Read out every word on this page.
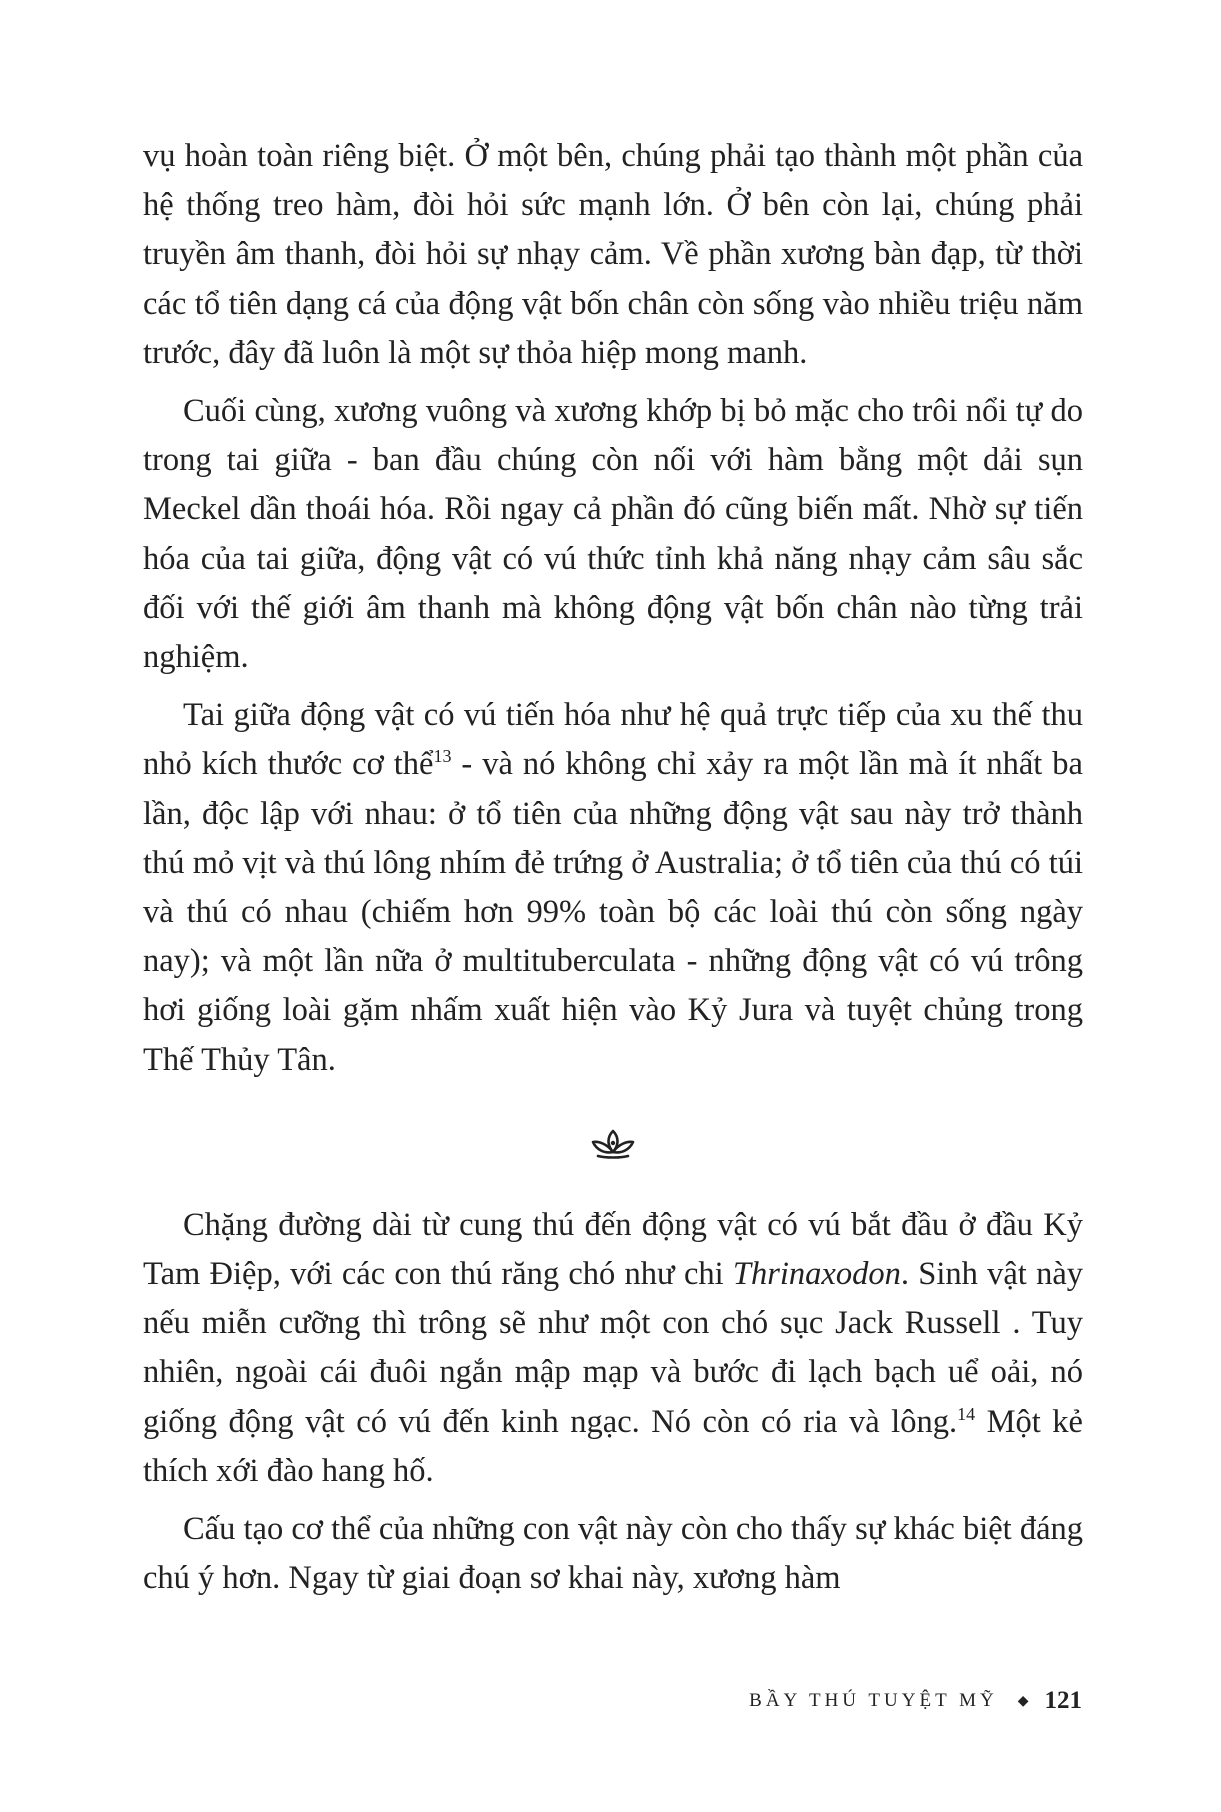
vụ hoàn toàn riêng biệt. Ở một bên, chúng phải tạo thành một phần của hệ thống treo hàm, đòi hỏi sức mạnh lớn. Ở bên còn lại, chúng phải truyền âm thanh, đòi hỏi sự nhạy cảm. Về phần xương bàn đạp, từ thời các tổ tiên dạng cá của động vật bốn chân còn sống vào nhiều triệu năm trước, đây đã luôn là một sự thỏa hiệp mong manh.

Cuối cùng, xương vuông và xương khớp bị bỏ mặc cho trôi nổi tự do trong tai giữa - ban đầu chúng còn nối với hàm bằng một dải sụn Meckel dần thoái hóa. Rồi ngay cả phần đó cũng biến mất. Nhờ sự tiến hóa của tai giữa, động vật có vú thức tỉnh khả năng nhạy cảm sâu sắc đối với thế giới âm thanh mà không động vật bốn chân nào từng trải nghiệm.

Tai giữa động vật có vú tiến hóa như hệ quả trực tiếp của xu thế thu nhỏ kích thước cơ thể$^{13}$ - và nó không chỉ xảy ra một lần mà ít nhất ba lần, độc lập với nhau: ở tổ tiên của những động vật sau này trở thành thú mỏ vịt và thú lông nhím đẻ trứng ở Australia; ở tổ tiên của thú có túi và thú có nhau (chiếm hơn 99% toàn bộ các loài thú còn sống ngày nay); và một lần nữa ở multituberculata - những động vật có vú trông hơi giống loài gặm nhấm xuất hiện vào Kỷ Jura và tuyệt chủng trong Thế Thủy Tân.

Chặng đường dài từ cung thú đến động vật có vú bắt đầu ở đầu Kỷ Tam Điệp, với các con thú răng chó như chi Thrinaxodon. Sinh vật này nếu miễn cưỡng thì trông sẽ như một con chó sục Jack Russell . Tuy nhiên, ngoài cái đuôi ngắn mập mạp và bước đi lạch bạch uể oải, nó giống động vật có vú đến kinh ngạc. Nó còn có ria và lông.$^{14}$ Một kẻ thích xới đào hang hố.

Cấu tạo cơ thể của những con vật này còn cho thấy sự khác biệt đáng chú ý hơn. Ngay từ giai đoạn sơ khai này, xương hàm

BẦY THÚ TUYỆT MỸ ◆ 121
